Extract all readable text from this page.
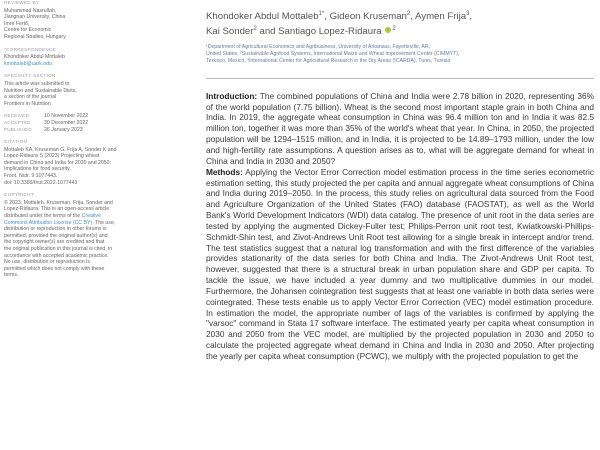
REVIEWED BY
Muhammad Nasrullah,
Jiangnan University, China
Imre Fertő,
Centre for Economic
Regional Studies, Hungary
*CORRESPONDENCE
Khondoker Abdul Mottaleb
kmottaleb@uark.edu
SPECIALTY SECTION
This article was submitted to
Nutrition and Sustainable Diets,
a section of the journal
Frontiers in Nutrition
RECEIVED	10 November 2022
ACCEPTED	30 December 2022
PUBLISHED 26 January 2023
CITATION
Mottaleb KA, Kruseman G, Frija A, Sonder K and
Lopez-Ridaura S (2023) Projecting wheat
demand in China and India for 2030 and 2050:
Implications for food security.
Front. Nutr. 9:1077443.
doi: 10.3389/fnut.2022.1077443
COPYRIGHT
© 2023, Mottaleb, Kruseman, Frija, Sonder and
Lopez-Ridaura. This is an open-access article
distributed under the terms of the Creative
Commons Attribution License (CC BY). The use,
distribution or reproduction in other forums is
permitted, provided the original author(s) and
the copyright owner(s) are credited and that
the original publication in this journal is cited, in
accordance with accepted academic practice.
No use, distribution or reproduction is
permitted which does not comply with these
terms.
Khondoker Abdul Mottaleb$^{1*}$, Gideon Kruseman$^2$, Aymen Frija$^3$,
Kai Sonder$^2$ and Santiago Lopez-Ridaura $^2$
¹Department of Agricultural Economics and Agribusiness, University of Arkansas, Fayetteville, AR,
United States, ²Sustainable Agrifood Systems, International Maize and Wheat Improvement Center (CIMMYT),
Texcoco, Mexico, ³International Center for Agricultural Research in the Dry Areas (ICARDA), Tunis, Tunisia

Introduction: The combined populations of China and India were 2.78 billion in 2020, representing 36% of the world population (7.75 billion). Wheat is the second most important staple grain in both China and India. In 2019, the aggregate wheat consumption in China was 96.4 million ton and in India it was 82.5 million ton, together it was more than 35% of the world's wheat that year. In China, in 2050, the projected population will be 1294–1515 million, and in India, it is projected to be 14.89–1793 million, under the low and high-fertility rate assumptions. A question arises as to, what will be aggregate demand for wheat in China and India in 2030 and 2050?

Methods: Applying the Vector Error Correction model estimation process in the time series econometric estimation setting, this study projected the per capita and annual aggregate wheat consumptions of China and India during 2019–2050. In the process, this study relies on agricultural data sourced from the Food and Agriculture Organization of the United States (FAO) database (FAOSTAT), as well as the World Bank's World Development Indicators (WDI) data catalog. The presence of unit root in the data series are tested by applying the augmented Dickey-Fuller test; Philips-Perron unit root test, Kwiatkowski-Phillips-Schmidt-Shin test, and Zivot-Andrews Unit Root test allowing for a single break in intercept and/or trend. The test statistics suggest that a natural log transformation and with the first difference of the variables provides stationarity of the data series for both China and India. The Zivot-Andrews Unit Root test, however, suggested that there is a structural break in urban population share and GDP per capita. To tackle the issue, we have included a year dummy and two multiplicative dummies in our model. Furthermore, the Johansen cointegration test suggests that at least one variable in both data series were cointegrated. These tests enable us to apply Vector Error Correction (VEC) model estimation procedure. In estimation the model, the appropriate number of lags of the variables is confirmed by applying the "varsoc" command in Stata 17 software interface. The estimated yearly per capita wheat consumption in 2030 and 2050 from the VEC model, are multiplied by the projected population in 2030 and 2050 to calculate the projected aggregate wheat demand in China and India in 2030 and 2050. After projecting the yearly per capita wheat consumption (PCWC), we multiply with the projected population to get the
